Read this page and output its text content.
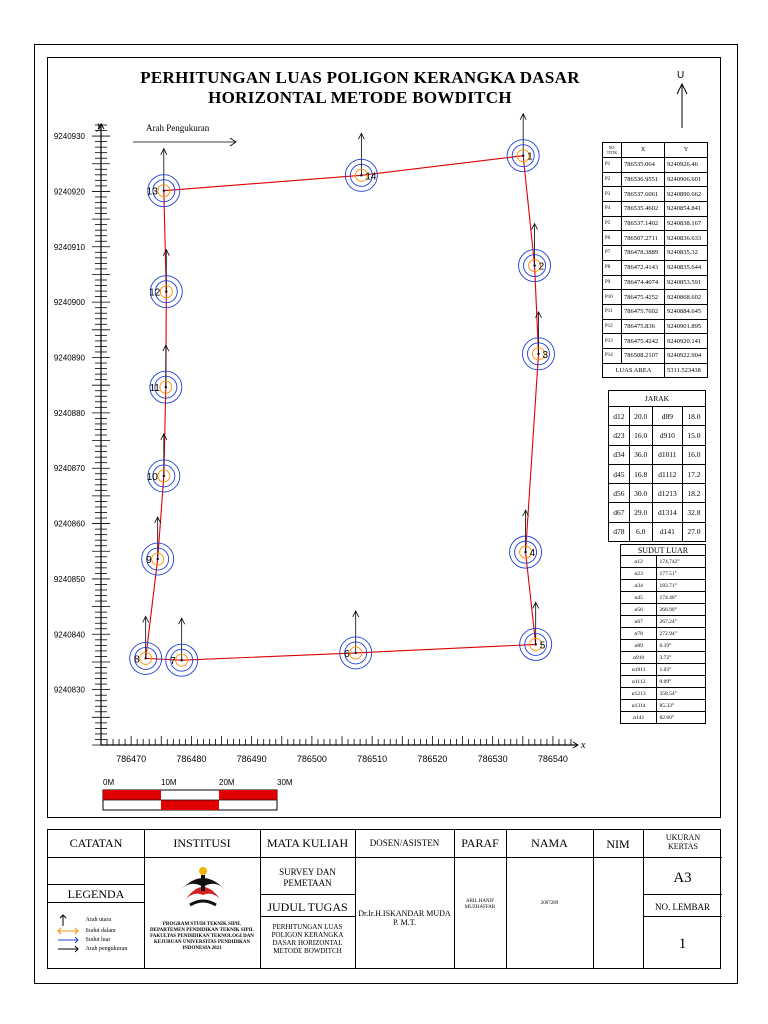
PERHITUNGAN LUAS POLIGON KERANGKA DASAR
HORIZONTAL METODE BOWDITCH
U
x
y
786470	786480	786490	786500	786510	786520	786530	786540
9240930
9240920
9240910
9240900
9240890
9240880
9240870
9240860
9240850
9240840
9240830
Arah Pengukuran
0M	10M	20M	30M
1
2
3
4
5
6
7
8
9
10
11
12
13
14
NO. TITIK	X	Y
P1	786535.064	9240926.46
P2	786536.9551	9240906.601
P3	786537.6061	9240890.662
P4	786535.4602	9240854.841
P5	786537.1402	9240838.167
P6	786507.2711	9240836.633
P7	786478.3889	9240835.32
P8	786472.4143	9240835.644
P9	786474.4074	9240853.591
P10	786475.4252	9240868.602
P11	786475.7602	9240884.645
P12	786475.836	9240901.895
P13	786475.4242	9240920.141
P14	786508.2107	9240922.904
LUAS AREA		5311.523438
JARAK			
d12	20.0	d89	18.0
d23	16.0	d910	15.0
d34	36.0	d1011	16.0
d45	16.8	d1112	17.2
d56	30.0	d1213	18.2
d67	29.0	d1314	32.8
d78	6.0	d141	27.0
SUDUT LUAR	
α12	174,742°
α23	177.51°
α34	183.71°
α45	174.46°
α56	266.90°
α67	267.24°
α78	272.94°
α89	6.19°
α910	3.72°
α1011	1.03°
α1112	0.09°
α1213	358.54°
α1314	85.33°
α141	82.60°
CATATAN	INSTITUSI	MATA KULIAH	DOSEN/ASISTEN	PARAF	NAMA	NIM	UKURAN KERTAS
LEGENDA
Arah utara
Sudut dalam
Sudut luar
Arah pengukuran
PROGRAM STUDI TEKNIK SIPIL DEPARTEMEN PENDIDIKAN TEKNIK SIPIL FAKULTAS PENDIDIKAN TEKNOLOGI DAN KEJURUAN UNIVERSITAS PENDIDIKAN INDONESIA 2021
SURVEY DAN PEMETAAN
JUDUL TUGAS
PERHITUNGAN LUAS POLIGON KERANGKA DASAR HORIZONTAL METODE BOWDITCH
Dr.Ir.H.ISKANDAR MUDA P. M.T.
ARIL HANIF MUZHAFFAR
2007289
A3
NO. LEMBAR
1
